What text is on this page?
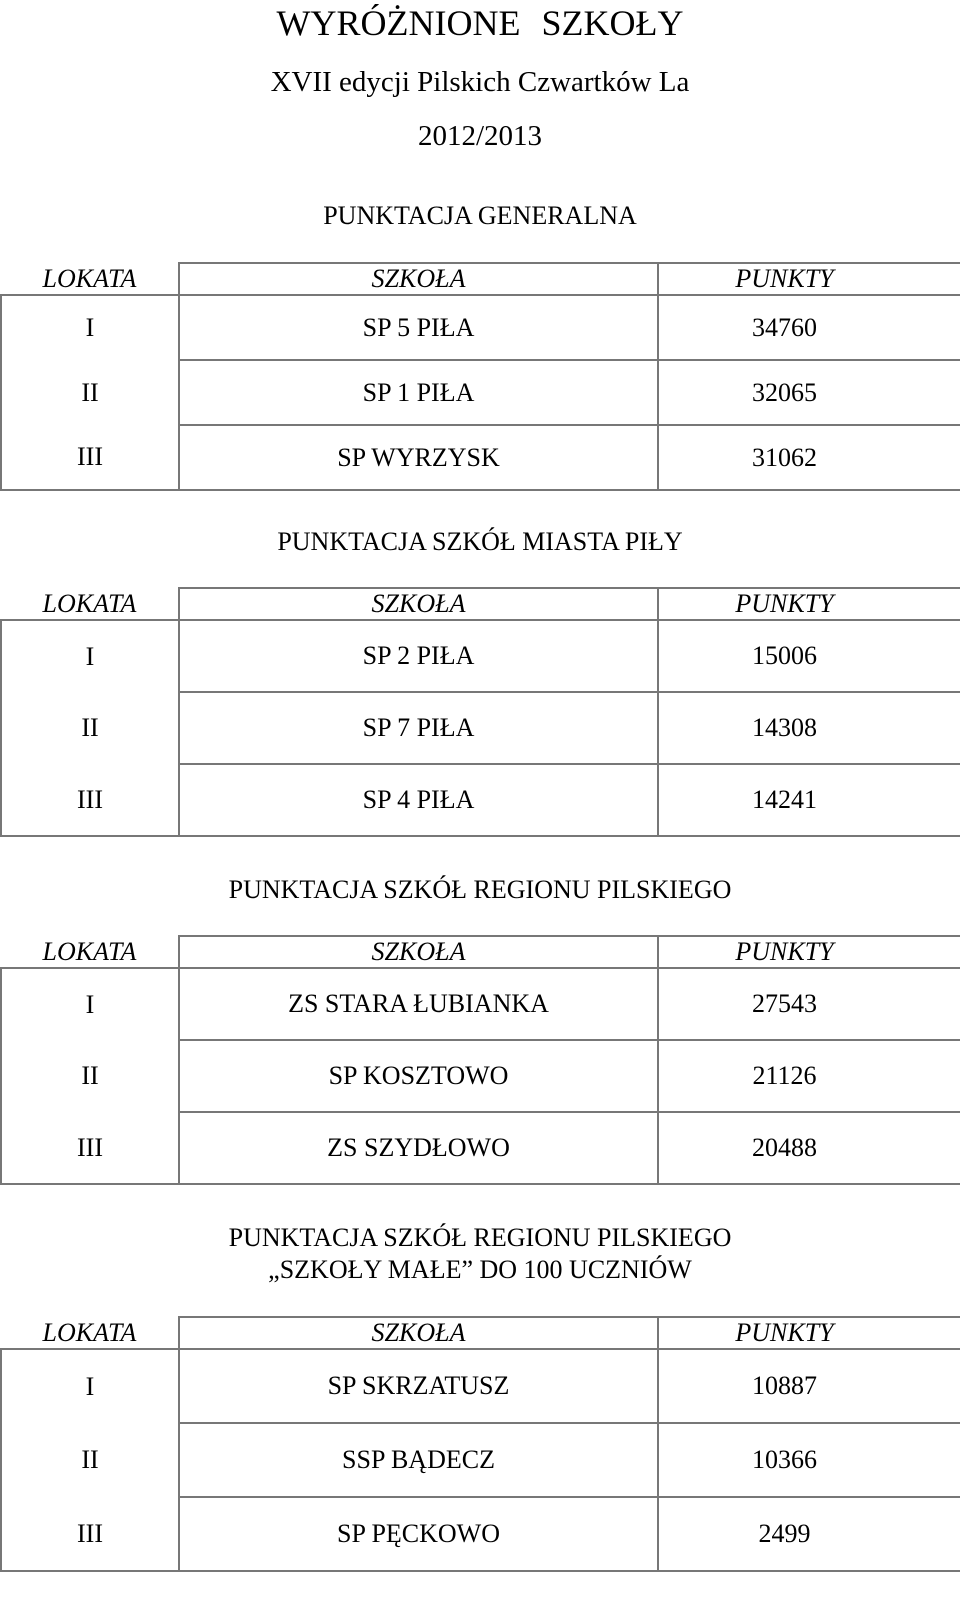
WYRÓŻNIONE SZKOŁY
XVII edycji Pilskich Czwartków La
2012/2013
PUNKTACJA GENERALNA
LOKATA	SZKOŁA	PUNKTY
I	SP 5 PIŁA	34760
II	SP 1 PIŁA	32065
III	SP WYRZYSK	31062
PUNKTACJA SZKÓŁ MIASTA PIŁY
LOKATA	SZKOŁA	PUNKTY
I	SP 2 PIŁA	15006
II	SP 7 PIŁA	14308
III	SP 4 PIŁA	14241
PUNKTACJA SZKÓŁ REGIONU PILSKIEGO
LOKATA	SZKOŁA	PUNKTY
I	ZS STARA ŁUBIANKA	27543
II	SP KOSZTOWO	21126
III	ZS SZYDŁOWO	20488
PUNKTACJA SZKÓŁ REGIONU PILSKIEGO
„SZKOŁY MAŁE” DO 100 UCZNIÓW
LOKATA	SZKOŁA	PUNKTY
I	SP SKRZATUSZ	10887
II	SSP BĄDECZ	10366
III	SP PĘCKOWO	2499
